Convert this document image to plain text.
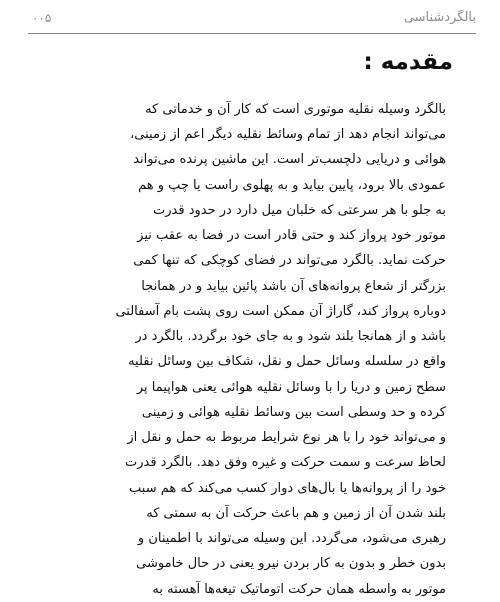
بالگردشناسی
۰۰۵
مقدمه :
بالگرد وسیله نقلیه موتوری است که کار آن و خدماتی که
می‌تواند انجام دهد از تمام وسائط نقلیه دیگر اعم از زمینی،
هوائی و دریایی دلچسب‌تر است. این ماشین پرنده می‌تواند
عمودی بالا برود، پایین بیاید و به پهلوی راست یا چپ و هم
به جلو با هر سرعتی که خلبان میل دارد در حدود قدرت
موتور خود پرواز کند و حتی قادر است در فضا به عقب نیز
حرکت نماید. بالگرد می‌تواند در فضای کوچکی که تنها کمی
بزرگتر از شعاع پروانه‌های آن باشد پائین بیاید و در همانجا
دوباره پرواز کند، گاراژ آن ممکن است روی پشت بام آسفالتی
باشد و از همانجا بلند شود و به جای خود برگردد. بالگرد در
واقع در سلسله وسائل حمل و نقل، شکاف بین وسائل نقلیه
سطح زمین و دریا را با وسائل نقلیه هوائی یعنی هواپیما پر
کرده و حد وسطی است بین وسائط نقلیه هوائی و زمینی
و می‌تواند خود را با هر نوع شرایط مربوط به حمل و نقل از
لحاظ سرعت و سمت حرکت و غیره وفق دهد. بالگرد قدرت
خود را از پروانه‌ها یا بال‌های دوار کسب می‌کند که هم سبب
بلند شدن آن از زمین و هم باعث حرکت آن به سمتی که
رهبری می‌شود، می‌گردد. این وسیله می‌تواند با اطمینان و
بدون خطر و بدون به کار بردن نیرو یعنی در حال خاموشی
موتور به واسطه همان حرکت اتوماتیک تیغه‌ها آهسته به
